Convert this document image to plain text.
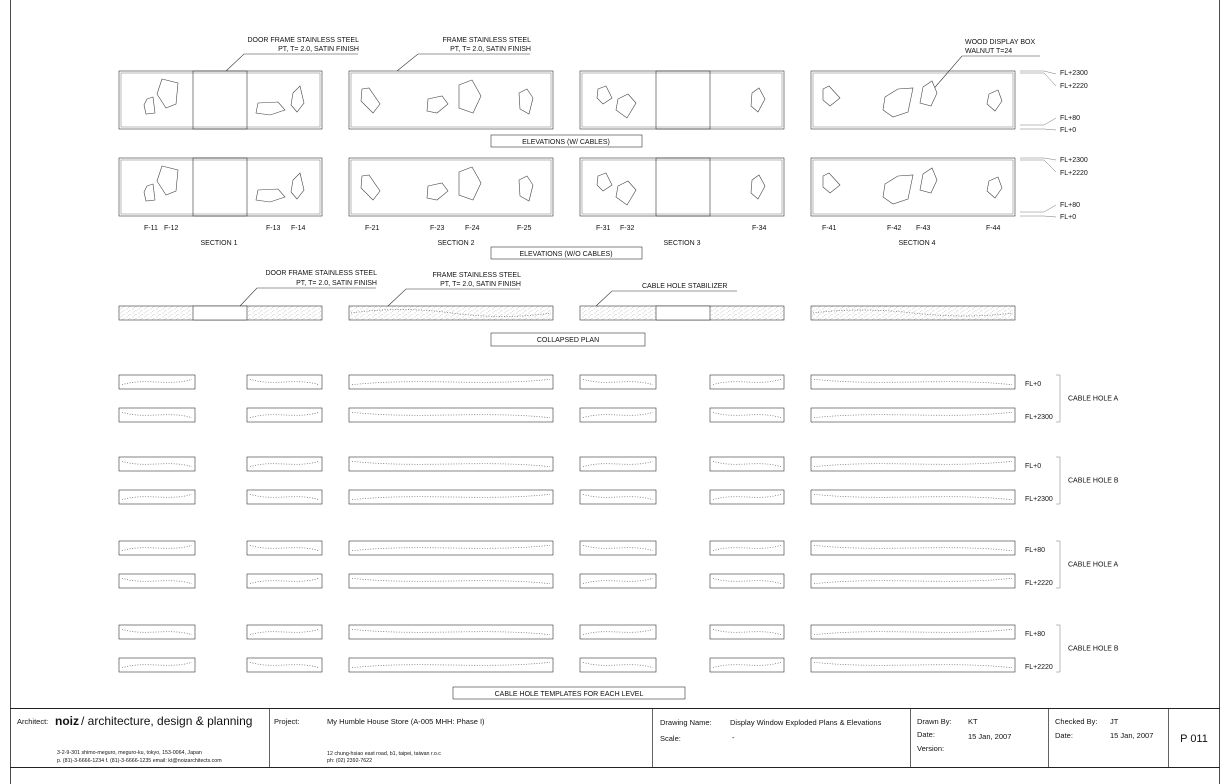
DOOR FRAME STAINLESS STEEL
PT, T= 2.0, SATIN FINISH
FRAME STAINLESS STEEL
PT, T= 2.0, SATIN FINISH
WOOD DISPLAY BOX
WALNUT T=24
FL+2300
FL+2220
FL+80
FL+0
ELEVATIONS (W/ CABLES)
FL+2300
FL+2220
FL+80
FL+0
F-11 F-12	F-13 F-14	F-21	F-23	F-24	F-25	F-31 F-32	F-34	F-41	F-42 F-43	F-44
SECTION 1	SECTION 2	SECTION 3	SECTION 4
ELEVATIONS (W/O CABLES)
DOOR FRAME STAINLESS STEEL
PT, T= 2.0, SATIN FINISH
FRAME STAINLESS STEEL
PT, T= 2.0, SATIN FINISH	CABLE HOLE STABILIZER
COLLAPSED PLAN
FL+0
FL+2300
CABLE HOLE A
FL+0
FL+2300
CABLE HOLE B
FL+80
FL+2220
CABLE HOLE A
FL+80
FL+2220
CABLE HOLE B
CABLE HOLE TEMPLATES FOR EACH LEVEL
Architect: noiz / architecture, design & planning
3-2-9-301 shimo-meguro, meguro-ku, tokyo, 153-0064, Japan
p. (81)-3-6666-1234 f. (81)-3-6666-1235 email: kt@noizarchitects.com
Project:	My Humble House Store (A-005 MHH: Phase I)
12 chung-hsiao east road, b1, taipei, taiwan r.o.c
ph: (02) 2392-7622
Drawing Name: Display Window Exploded Plans & Elevations
Scale:	-
Drawn By: KT
Date:	15 Jan, 2007
Version:
Checked By: JT
Date:	15 Jan, 2007 P 011
